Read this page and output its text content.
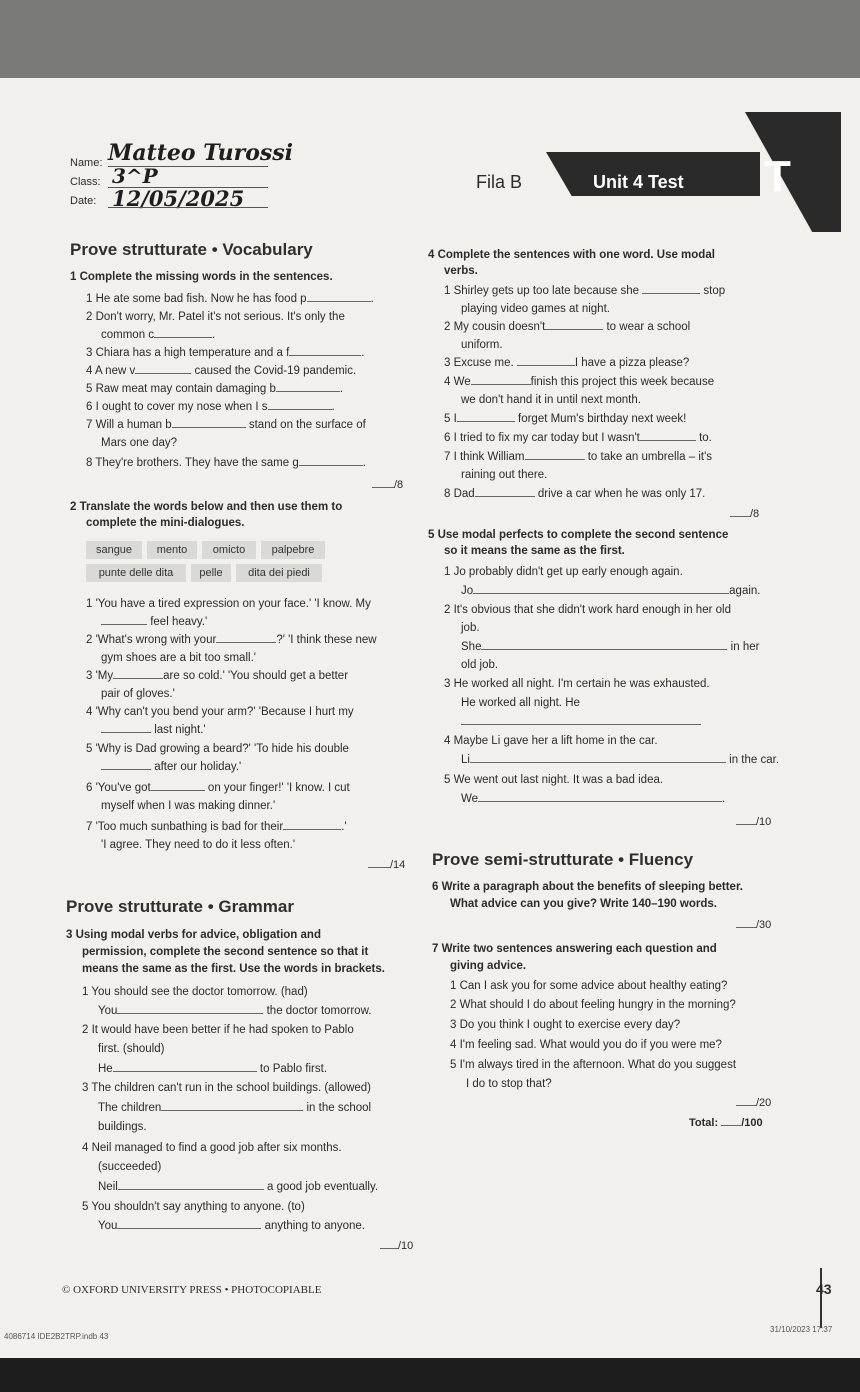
Name: Matteo Turossi
Class: 3^P
Date: 12/05/2025
Fila B	Unit 4 Test T
Prove strutturate • Vocabulary
1 Complete the missing words in the sentences.
1 He ate some bad fish. Now he has food p	.
2 Don't worry, Mr. Patel it's not serious. It's only the
common c	.
3 Chiara has a high temperature and a f	.
4 A new v	caused the Covid-19 pandemic.
5 Raw meat may contain damaging b	.
6 I ought to cover my nose when I s	.
7 Will a human b	stand on the surface of
Mars one day?
8 They're brothers. They have the same g	.
/8
2 Translate the words below and then use them to
complete the mini-dialogues.
sangue	mento	omicto	palpebre
punte delle dita	pelle	dita dei piedi
1 'You have a tired expression on your face.' 'I know. My
feel heavy.'
2 'What's wrong with your	?' 'I think these new
gym shoes are a bit too small.'
3 'My	are so cold.' 'You should get a better
pair of gloves.'
4 'Why can't you bend your arm?' 'Because I hurt my
last night.'
5 'Why is Dad growing a beard?' 'To hide his double
after our holiday.'
6 'You've got	on your finger!' 'I know. I cut
myself when I was making dinner.'
7 'Too much sunbathing is bad for their	.'
'I agree. They need to do it less often.'
/14
Prove strutturate • Grammar
3 Using modal verbs for advice, obligation and
permission, complete the second sentence so that it
means the same as the first. Use the words in brackets.
1 You should see the doctor tomorrow. (had)
You	the doctor tomorrow.
2 It would have been better if he had spoken to Pablo
first. (should)
He	to Pablo first.
3 The children can't run in the school buildings. (allowed)
The children	in the school
buildings.
4 Neil managed to find a good job after six months.
(succeeded)
Neil	a good job eventually.
5 You shouldn't say anything to anyone. (to)
You	anything to anyone.
/10
4 Complete the sentences with one word. Use modal
verbs.
1 Shirley gets up too late because she	stop
playing video games at night.
2 My cousin doesn't	to wear a school
uniform.
3 Excuse me.	I have a pizza please?
4 We	finish this project this week because
we don't hand it in until next month.
5 I	forget Mum's birthday next week!
6 I tried to fix my car today but I wasn't	to.
7 I think William	to take an umbrella – it's
raining out there.
8 Dad	drive a car when he was only 17.
/8
5 Use modal perfects to complete the second sentence
so it means the same as the first.
1 Jo probably didn't get up early enough again.
Jo	again.
2 It's obvious that she didn't work hard enough in her old
job.
She	in her
old job.
3 He worked all night. I'm certain he was exhausted.
He worked all night. He
4 Maybe Li gave her a lift home in the car.
Li	in the car.
5 We went out last night. It was a bad idea.
We	.
/10
Prove semi-strutturate • Fluency
6 Write a paragraph about the benefits of sleeping better.
What advice can you give? Write 140–190 words.
/30
7 Write two sentences answering each question and
giving advice.
1 Can I ask you for some advice about healthy eating?
2 What should I do about feeling hungry in the morning?
3 Do you think I ought to exercise every day?
4 I'm feeling sad. What would you do if you were me?
5 I'm always tired in the afternoon. What do you suggest
I do to stop that?
/20
Total: /100
© OXFORD UNIVERSITY PRESS • PHOTOCOPIABLE	43
4086714 IDE2B2TRP.indb 43
31/10/2023 17:37
